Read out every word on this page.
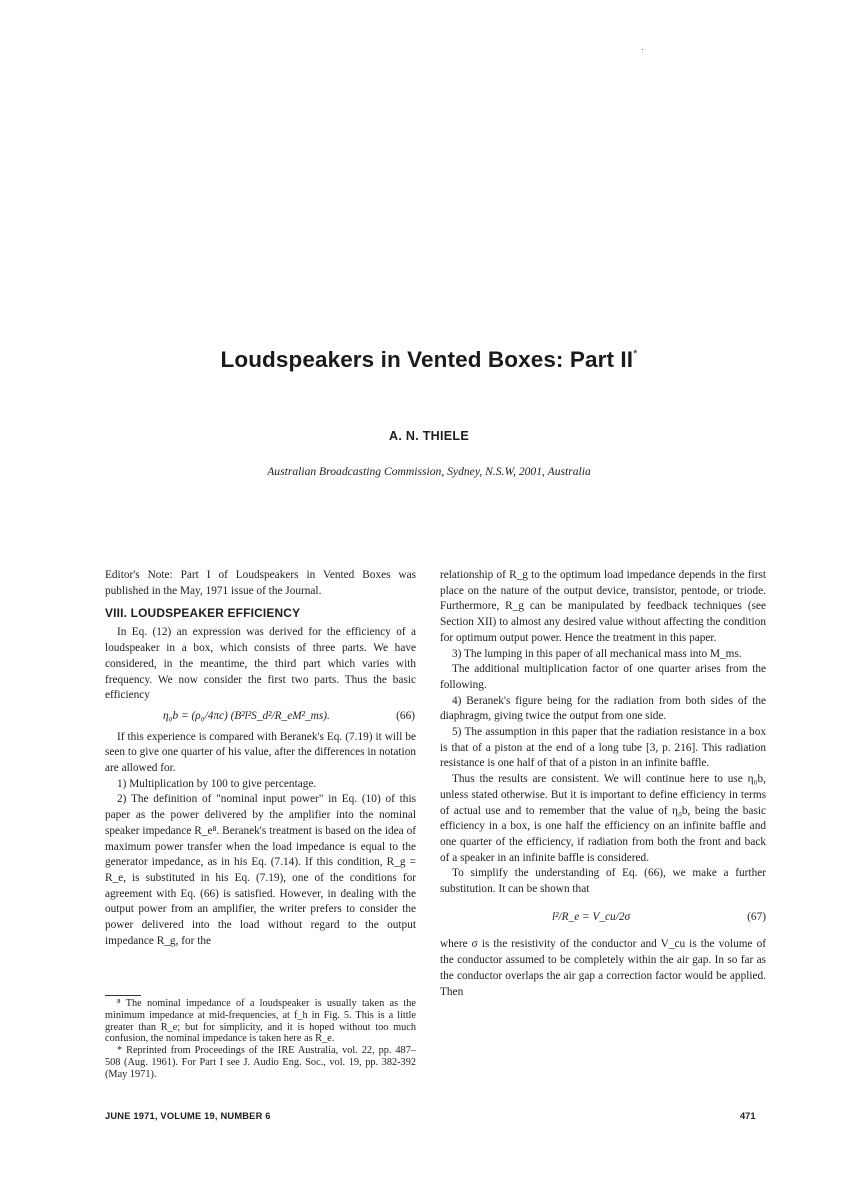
Loudspeakers in Vented Boxes: Part II*
A. N. THIELE
Australian Broadcasting Commission, Sydney, N.S.W, 2001, Australia

Editor's Note: Part I of Loudspeakers in Vented Boxes was published in the May, 1971 issue of the Journal.

VIII. LOUDSPEAKER EFFICIENCY

In Eq. (12) an expression was derived for the efficiency of a loudspeaker in a box, which consists of three parts. We have considered, in the meantime, the third part which varies with frequency. We now consider the first two parts. Thus the basic efficiency

η₀b = (ρ₀/4πc) (B²l²S_d²/R_eM²_ms).	(66)

If this experience is compared with Beranek's Eq. (7.19) it will be seen to give one quarter of his value, after the differences in notation are allowed for.

1) Multiplication by 100 to give percentage.

2) The definition of "nominal input power" in Eq. (10) of this paper as the power delivered by the amplifier into the nominal speaker impedance R_e⁸. Beranek's treatment is based on the idea of maximum power transfer when the load impedance is equal to the generator impedance, as in his Eq. (7.14). If this condition, R_g = R_e, is substituted in his Eq. (7.19), one of the conditions for agreement with Eq. (66) is satisfied. However, in dealing with the output power from an amplifier, the writer prefers to consider the power delivered into the load without regard to the output impedance R_g, for the

relationship of R_g to the optimum load impedance depends in the first place on the nature of the output device, transistor, pentode, or triode. Furthermore, R_g can be manipulated by feedback techniques (see Section XII) to almost any desired value without affecting the condition for optimum output power. Hence the treatment in this paper.

3) The lumping in this paper of all mechanical mass into M_ms.

The additional multiplication factor of one quarter arises from the following.

4) Beranek's figure being for the radiation from both sides of the diaphragm, giving twice the output from one side.

5) The assumption in this paper that the radiation resistance in a box is that of a piston at the end of a long tube [3, p. 216]. This radiation resistance is one half of that of a piston in an infinite baffle.

Thus the results are consistent. We will continue here to use η₀b, unless stated otherwise. But it is important to define efficiency in terms of actual use and to remember that the value of η₀b, being the basic efficiency in a box, is one half the efficiency on an infinite baffle and one quarter of the efficiency, if radiation from both the front and back of a speaker in an infinite baffle is considered.

To simplify the understanding of Eq. (66), we make a further substitution. It can be shown that

l²/R_e = V_cu/2σ	(67)

where σ is the resistivity of the conductor and V_cu is the volume of the conductor assumed to be completely within the air gap. In so far as the conductor overlaps the air gap a correction factor would be applied. Then

⁸ The nominal impedance of a loudspeaker is usually taken as the minimum impedance at mid-frequencies, at f_h in Fig. 5. This is a little greater than R_e; but for simplicity, and it is hoped without too much confusion, the nominal impedance is taken here as R_e.

* Reprinted from Proceedings of the IRE Australia, vol. 22, pp. 487–508 (Aug. 1961). For Part I see J. Audio Eng. Soc., vol. 19, pp. 382-392 (May 1971).

JUNE 1971, VOLUME 19, NUMBER 6	471
